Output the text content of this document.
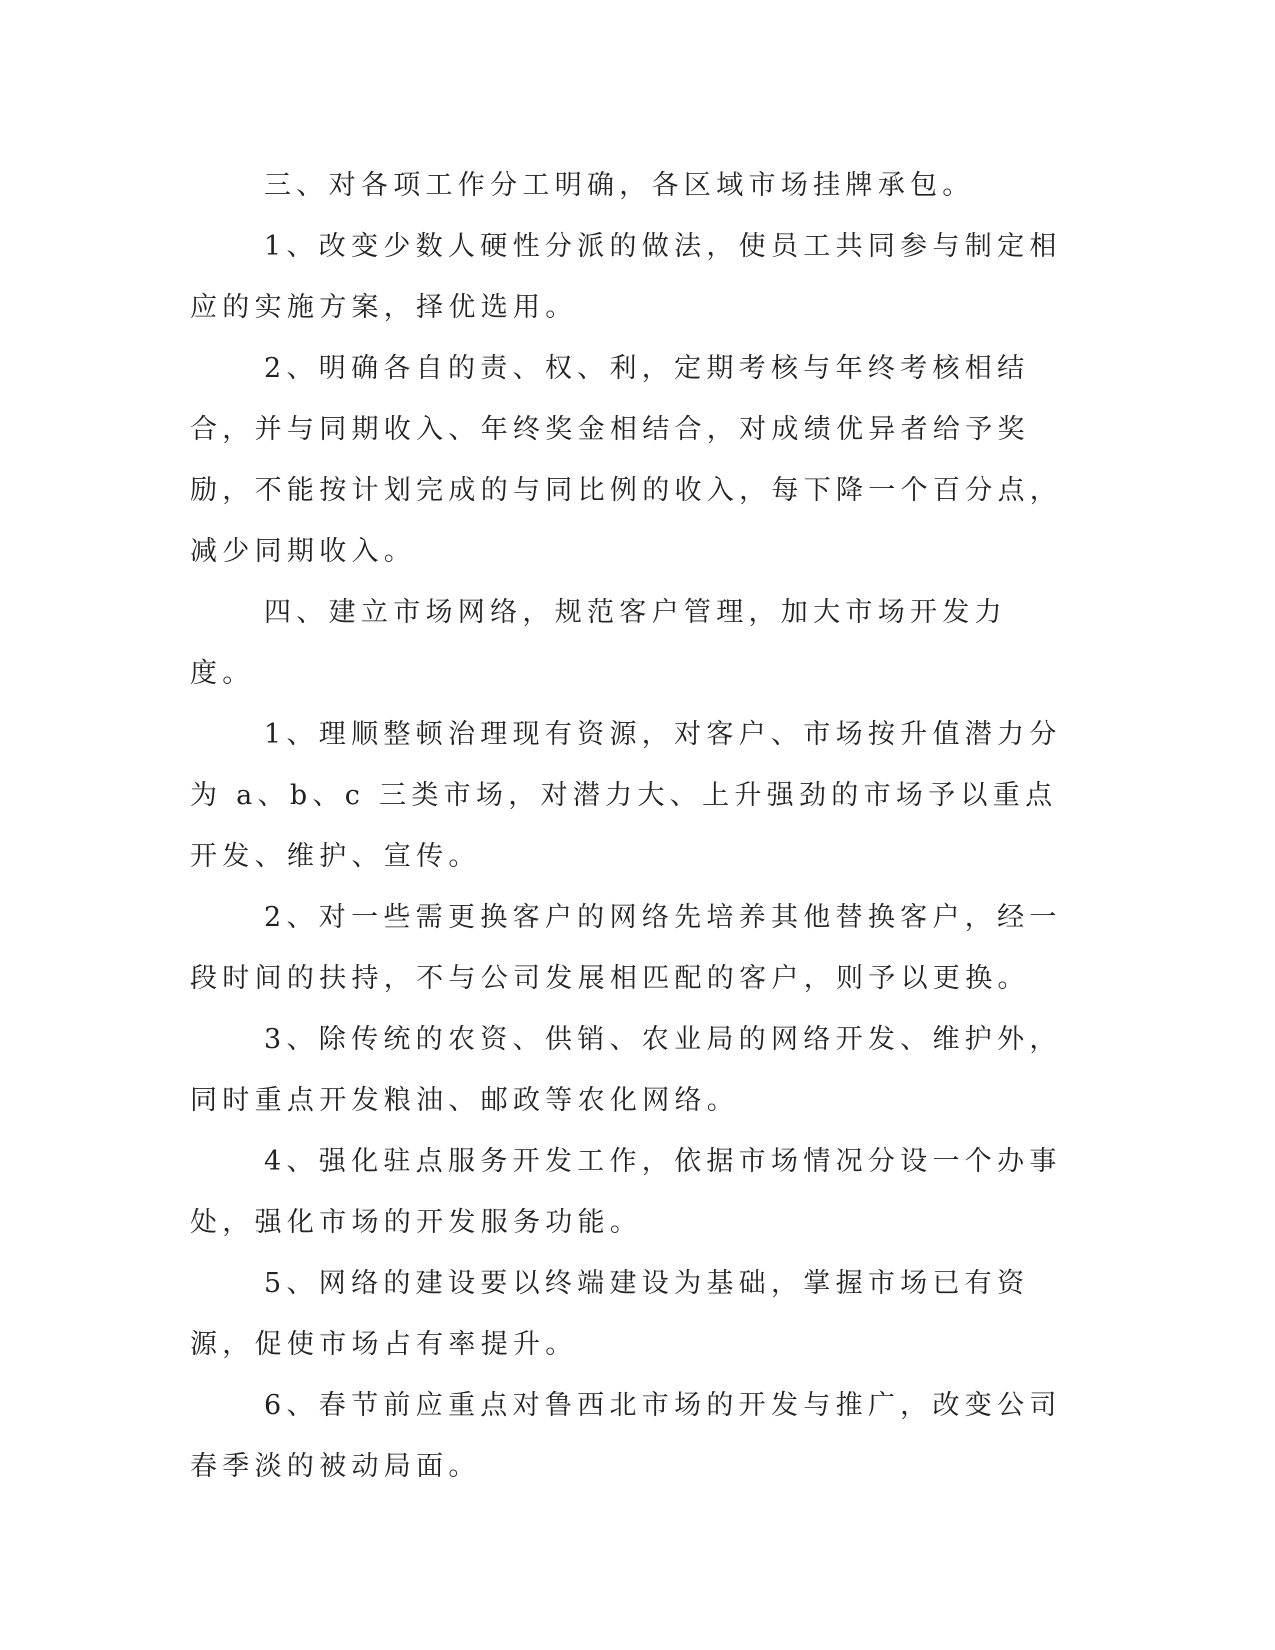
三、对各项工作分工明确，各区域市场挂牌承包。

1、改变少数人硬性分派的做法，使员工共同参与制定相应的实施方案，择优选用。

2、明确各自的责、权、利，定期考核与年终考核相结合，并与同期收入、年终奖金相结合，对成绩优异者给予奖励，不能按计划完成的与同比例的收入，每下降一个百分点，减少同期收入。

四、建立市场网络，规范客户管理，加大市场开发力度。

1、理顺整顿治理现有资源，对客户、市场按升值潜力分为 a、b、c 三类市场，对潜力大、上升强劲的市场予以重点开发、维护、宣传。

2、对一些需更换客户的网络先培养其他替换客户，经一段时间的扶持，不与公司发展相匹配的客户，则予以更换。

3、除传统的农资、供销、农业局的网络开发、维护外，同时重点开发粮油、邮政等农化网络。

4、强化驻点服务开发工作，依据市场情况分设一个办事处，强化市场的开发服务功能。

5、网络的建设要以终端建设为基础，掌握市场已有资源，促使市场占有率提升。

6、春节前应重点对鲁西北市场的开发与推广，改变公司春季淡的被动局面。
